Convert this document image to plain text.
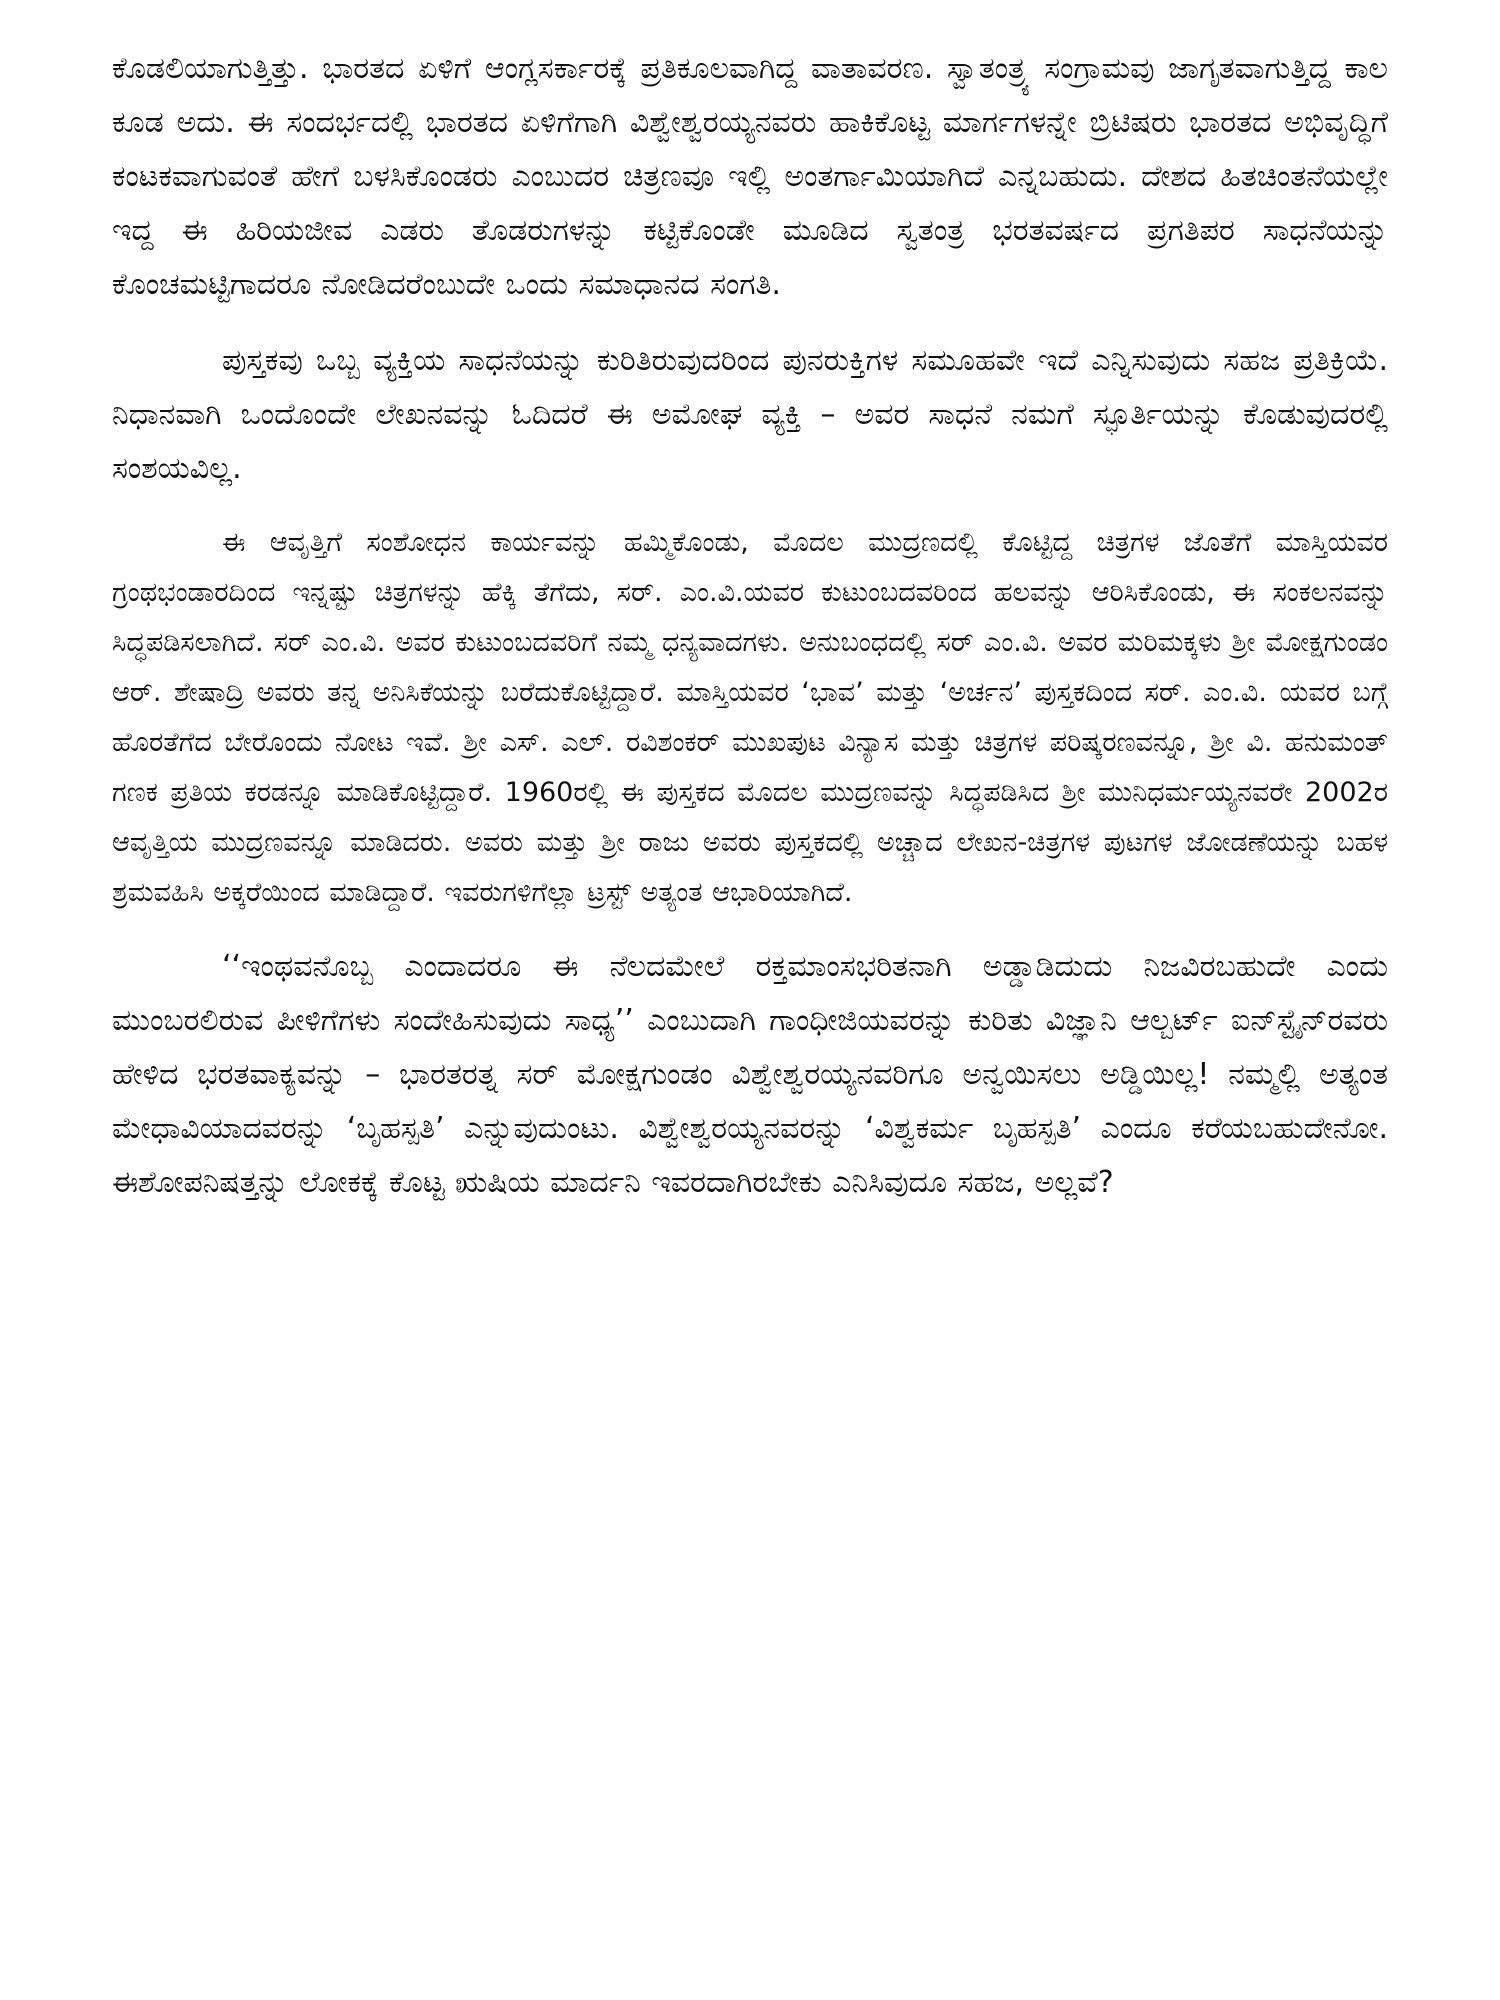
ಕೊಡಲಿಯಾಗುತ್ತಿತ್ತು. ಭಾರತದ ಏಳಿಗೆ ಆಂಗ್ಲಸರ್ಕಾರಕ್ಕೆ ಪ್ರತಿಕೂಲವಾಗಿದ್ದ ವಾತಾವರಣ. ಸ್ವಾತಂತ್ರ್ಯ ಸಂಗ್ರಾಮವು ಜಾಗೃತವಾಗುತ್ತಿದ್ದ ಕಾಲ ಕೂಡ ಅದು. ಈ ಸಂದರ್ಭದಲ್ಲಿ ಭಾರತದ ಏಳಿಗೆಗಾಗಿ ವಿಶ್ವೇಶ್ವರಯ್ಯನವರು ಹಾಕಿಕೊಟ್ಟ ಮಾರ್ಗಗಳನ್ನೇ ಬ್ರಿಟಿಷರು ಭಾರತದ ಅಭಿವೃದ್ಧಿಗೆ ಕಂಟಕವಾಗುವಂತೆ ಹೇಗೆ ಬಳಸಿಕೊಂಡರು ಎಂಬುದರ ಚಿತ್ರಣವೂ ಇಲ್ಲಿ ಅಂತರ್ಗಾಮಿಯಾಗಿದೆ ಎನ್ನಬಹುದು. ದೇಶದ ಹಿತಚಿಂತನೆಯಲ್ಲೇ ಇದ್ದ ಈ ಹಿರಿಯಜೀವ ಎಡರು ತೊಡರುಗಳನ್ನು ಕಟ್ಟಿಕೊಂಡೇ ಮೂಡಿದ ಸ್ವತಂತ್ರ ಭರತವರ್ಷದ ಪ್ರಗತಿಪರ ಸಾಧನೆಯನ್ನು ಕೊಂಚಮಟ್ಟಿಗಾದರೂ ನೋಡಿದರೆಂಬುದೇ ಒಂದು ಸಮಾಧಾನದ ಸಂಗತಿ.

ಪುಸ್ತಕವು ಒಬ್ಬ ವ್ಯಕ್ತಿಯ ಸಾಧನೆಯನ್ನು ಕುರಿತಿರುವುದರಿಂದ ಪುನರುಕ್ತಿಗಳ ಸಮೂಹವೇ ಇದೆ ಎನ್ನಿಸುವುದು ಸಹಜ ಪ್ರತಿಕ್ರಿಯೆ. ನಿಧಾನವಾಗಿ ಒಂದೊಂದೇ ಲೇಖನವನ್ನು ಓದಿದರೆ ಈ ಅಮೋಘ ವ್ಯಕ್ತಿ – ಅವರ ಸಾಧನೆ ನಮಗೆ ಸ್ಫೂರ್ತಿಯನ್ನು ಕೊಡುವುದರಲ್ಲಿ ಸಂಶಯವಿಲ್ಲ.

ಈ ಆವೃತ್ತಿಗೆ ಸಂಶೋಧನ ಕಾರ್ಯವನ್ನು ಹಮ್ಮಿಕೊಂಡು, ಮೊದಲ ಮುದ್ರಣದಲ್ಲಿ ಕೊಟ್ಟಿದ್ದ ಚಿತ್ರಗಳ ಜೊತೆಗೆ ಮಾಸ್ತಿಯವರ ಗ್ರಂಥಭಂಡಾರದಿಂದ ಇನ್ನಷ್ಟು ಚಿತ್ರಗಳನ್ನು ಹೆಕ್ಕಿ ತೆಗೆದು, ಸರ್. ಎಂ.ವಿ.ಯವರ ಕುಟುಂಬದವರಿಂದ ಹಲವನ್ನು ಆರಿಸಿಕೊಂಡು, ಈ ಸಂಕಲನವನ್ನು ಸಿದ್ಧಪಡಿಸಲಾಗಿದೆ. ಸರ್ ಎಂ.ವಿ. ಅವರ ಕುಟುಂಬದವರಿಗೆ ನಮ್ಮ ಧನ್ಯವಾದಗಳು. ಅನುಬಂಧದಲ್ಲಿ ಸರ್ ಎಂ.ವಿ. ಅವರ ಮರಿಮಕ್ಕಳು ಶ್ರೀ ಮೋಕ್ಷಗುಂಡಂ ಆರ್. ಶೇಷಾದ್ರಿ ಅವರು ತನ್ನ ಅನಿಸಿಕೆಯನ್ನು ಬರೆದುಕೊಟ್ಟಿದ್ದಾರೆ. ಮಾಸ್ತಿಯವರ ‘ಭಾವ’ ಮತ್ತು ‘ಅರ್ಚನ’ ಪುಸ್ತಕದಿಂದ ಸರ್. ಎಂ.ವಿ. ಯವರ ಬಗ್ಗೆ ಹೊರತೆಗೆದ ಬೇರೊಂದು ನೋಟ ಇವೆ. ಶ್ರೀ ಎಸ್. ಎಲ್. ರವಿಶಂಕರ್ ಮುಖಪುಟ ವಿನ್ಯಾಸ ಮತ್ತು ಚಿತ್ರಗಳ ಪರಿಷ್ಕರಣವನ್ನೂ, ಶ್ರೀ ವಿ. ಹನುಮಂತ್ ಗಣಕ ಪ್ರತಿಯ ಕರಡನ್ನೂ ಮಾಡಿಕೊಟ್ಟಿದ್ದಾರೆ. 1960ರಲ್ಲಿ ಈ ಪುಸ್ತಕದ ಮೊದಲ ಮುದ್ರಣವನ್ನು ಸಿದ್ಧಪಡಿಸಿದ ಶ್ರೀ ಮುನಿಧರ್ಮಯ್ಯನವರೇ 2002ರ ಆವೃತ್ತಿಯ ಮುದ್ರಣವನ್ನೂ ಮಾಡಿದರು. ಅವರು ಮತ್ತು ಶ್ರೀ ರಾಜು ಅವರು ಪುಸ್ತಕದಲ್ಲಿ ಅಚ್ಚಾದ ಲೇಖನ-ಚಿತ್ರಗಳ ಪುಟಗಳ ಜೋಡಣೆಯನ್ನು ಬಹಳ ಶ್ರಮವಹಿಸಿ ಅಕ್ಕರೆಯಿಂದ ಮಾಡಿದ್ದಾರೆ. ಇವರುಗಳಿಗೆಲ್ಲಾ ಟ್ರಸ್ಟ್ ಅತ್ಯಂತ ಆಭಾರಿಯಾಗಿದೆ.

‘‘ಇಂಥವನೊಬ್ಬ ಎಂದಾದರೂ ಈ ನೆಲದಮೇಲೆ ರಕ್ತಮಾಂಸಭರಿತನಾಗಿ ಅಡ್ಡಾಡಿದುದು ನಿಜವಿರಬಹುದೇ ಎಂದು ಮುಂಬರಲಿರುವ ಪೀಳಿಗೆಗಳು ಸಂದೇಹಿಸುವುದು ಸಾಧ್ಯ’’ ಎಂಬುದಾಗಿ ಗಾಂಧೀಜಿಯವರನ್ನು ಕುರಿತು ವಿಜ್ಞಾನಿ ಆಲ್ಬರ್ಟ್ ಐನ್‌ಸ್ಟೈನ್‌ರವರು ಹೇಳಿದ ಭರತವಾಕ್ಯವನ್ನು – ಭಾರತರತ್ನ ಸರ್ ಮೋಕ್ಷಗುಂಡಂ ವಿಶ್ವೇಶ್ವರಯ್ಯನವರಿಗೂ ಅನ್ವಯಿಸಲು ಅಡ್ಡಿಯಿಲ್ಲ! ನಮ್ಮಲ್ಲಿ ಅತ್ಯಂತ ಮೇಧಾವಿಯಾದವರನ್ನು ‘ಬೃಹಸ್ಪತಿ’ ಎನ್ನುವುದುಂಟು. ವಿಶ್ವೇಶ್ವರಯ್ಯನವರನ್ನು ‘ವಿಶ್ವಕರ್ಮ ಬೃಹಸ್ಪತಿ’ ಎಂದೂ ಕರೆಯಬಹುದೇನೋ. ಈಶೋಪನಿಷತ್ತನ್ನು ಲೋಕಕ್ಕೆ ಕೊಟ್ಟ ಋಷಿಯ ಮಾರ್ದನಿ ಇವರದಾಗಿರಬೇಕು ಎನಿಸಿವುದೂ ಸಹಜ, ಅಲ್ಲವೆ?
